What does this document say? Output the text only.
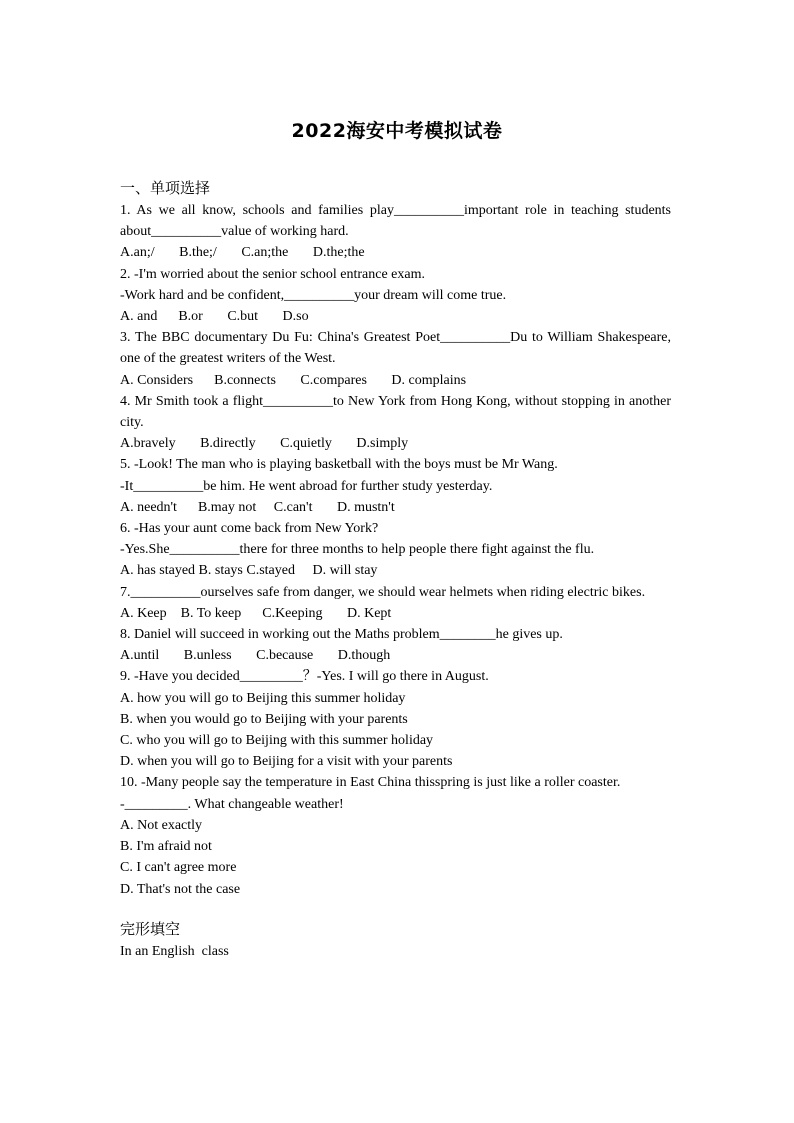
2022海安中考模拟试卷

一、单项选择

1. As we all know, schools and families play__________important role in teaching students about__________value of working hard.

A.an;/       B.the;/       C.an;the       D.the;the

2. -I'm worried about the senior school entrance exam.

-Work hard and be confident,__________your dream will come true.

A. and      B.or       C.but       D.so

3. The BBC documentary Du Fu: China's Greatest Poet__________Du to William Shakespeare, one of the greatest writers of the West.

A. Considers      B.connects       C.compares       D. complains

4. Mr Smith took a flight__________to New York from Hong Kong, without stopping in another city.

A.bravely       B.directly       C.quietly       D.simply

5. -Look! The man who is playing basketball with the boys must be Mr Wang.

-It__________be him. He went abroad for further study yesterday.

A. needn't      B.may not     C.can't       D. mustn't

6. -Has your aunt come back from New York?

-Yes.She__________there for three months to help people there fight against the flu.

A. has stayed B. stays C.stayed     D. will stay

7.__________ourselves safe from danger, we should wear helmets when riding electric bikes.

A. Keep    B. To keep      C.Keeping       D. Kept

8. Daniel will succeed in working out the Maths problem________he gives up.

A.until       B.unless       C.because       D.though

9. -Have you decided_________？-Yes. I will go there in August.

A. how you will go to Beijing this summer holiday

B. when you would go to Beijing with your parents

C. who you will go to Beijing with this summer holiday

D. when you will go to Beijing for a visit with your parents

10. -Many people say the temperature in East China thisspring is just like a roller coaster.

-_________. What changeable weather!

A. Not exactly

B. I'm afraid not

C. I can't agree more

D. That's not the case

完形填空

In an English  class
